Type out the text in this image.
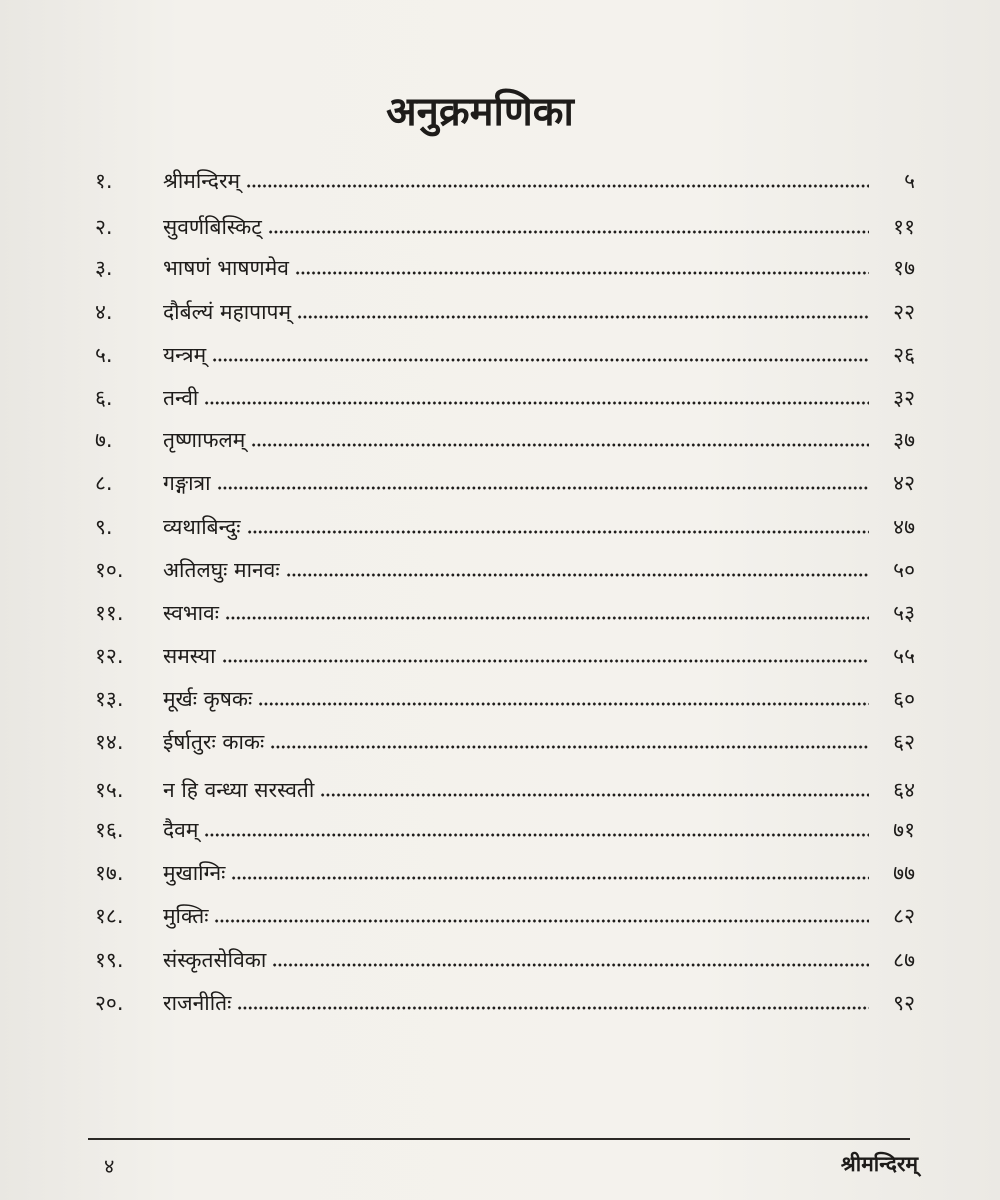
अनुक्रमणिका
१.	श्रीमन्दिरम्	५
२.	सुवर्णबिस्किट्	११
३.	भाषणं भाषणमेव	१७
४.	दौर्बल्यं महापापम्	२२
५.	यन्त्रम्	२६
६.	तन्वी	३२
७.	तृष्णाफलम्	३७
८.	गङ्गात्रा	४२
९.	व्यथाबिन्दुः	४७
१०.	अतिलघुः मानवः	५०
११.	स्वभावः	५३
१२.	समस्या	५५
१३.	मूर्खः कृषकः	६०
१४.	ईर्षातुरः काकः	६२
१५.	न हि वन्ध्या सरस्वती	६४
१६.	दैवम्	७१
१७.	मुखाग्निः	७७
१८.	मुक्तिः	८२
१९.	संस्कृतसेविका	८७
२०.	राजनीतिः	९२
४	श्रीमन्दिरम्
